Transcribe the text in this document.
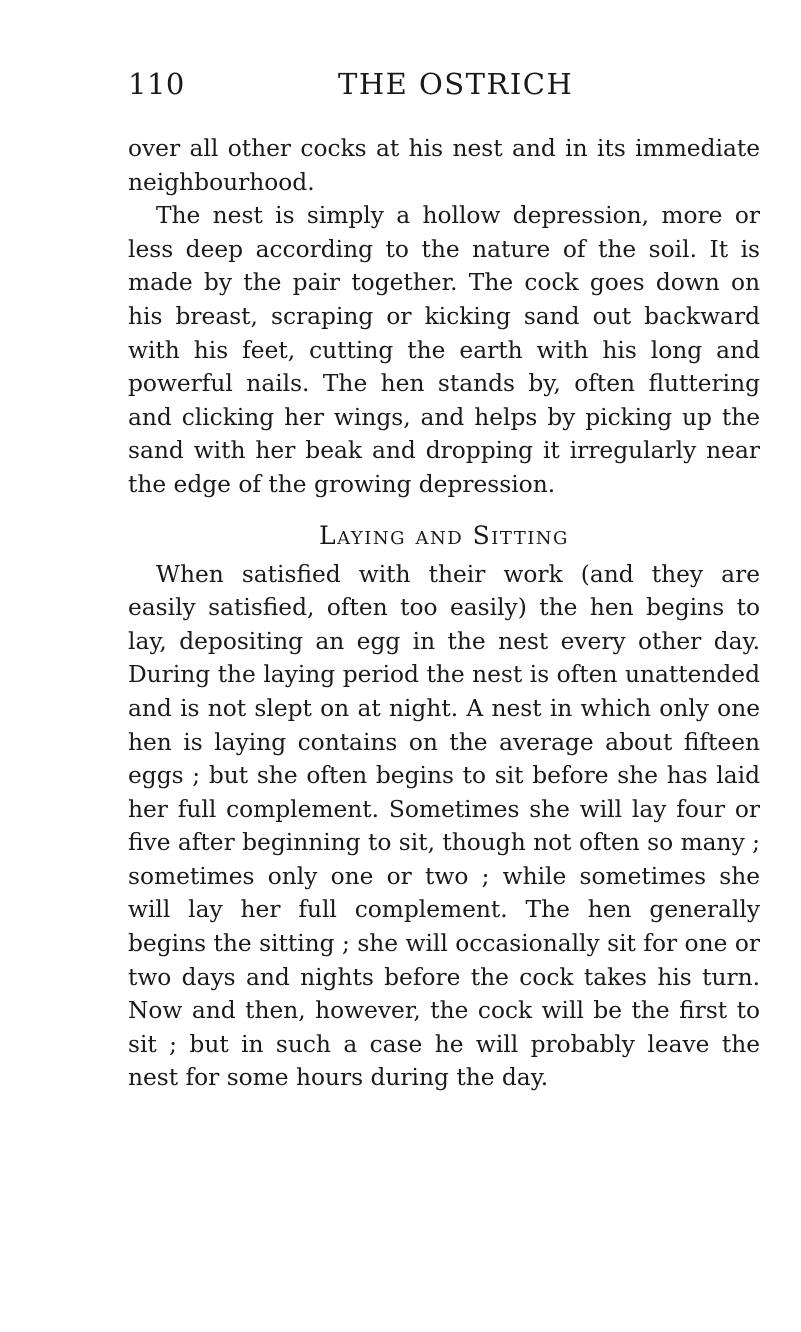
110	THE OSTRICH

over all other cocks at his nest and in its immediate neighbourhood.

The nest is simply a hollow depression, more or less deep according to the nature of the soil. It is made by the pair together. The cock goes down on his breast, scraping or kicking sand out backward with his feet, cutting the earth with his long and powerful nails. The hen stands by, often fluttering and clicking her wings, and helps by picking up the sand with her beak and dropping it irregularly near the edge of the growing depression.

Laying and Sitting

When satisfied with their work (and they are easily satisfied, often too easily) the hen begins to lay, depositing an egg in the nest every other day. During the laying period the nest is often unattended and is not slept on at night. A nest in which only one hen is laying contains on the average about fifteen eggs ; but she often begins to sit before she has laid her full complement. Sometimes she will lay four or five after beginning to sit, though not often so many ; sometimes only one or two ; while sometimes she will lay her full complement. The hen generally begins the sitting ; she will occasionally sit for one or two days and nights before the cock takes his turn. Now and then, however, the cock will be the first to sit ; but in such a case he will probably leave the nest for some hours during the day.
